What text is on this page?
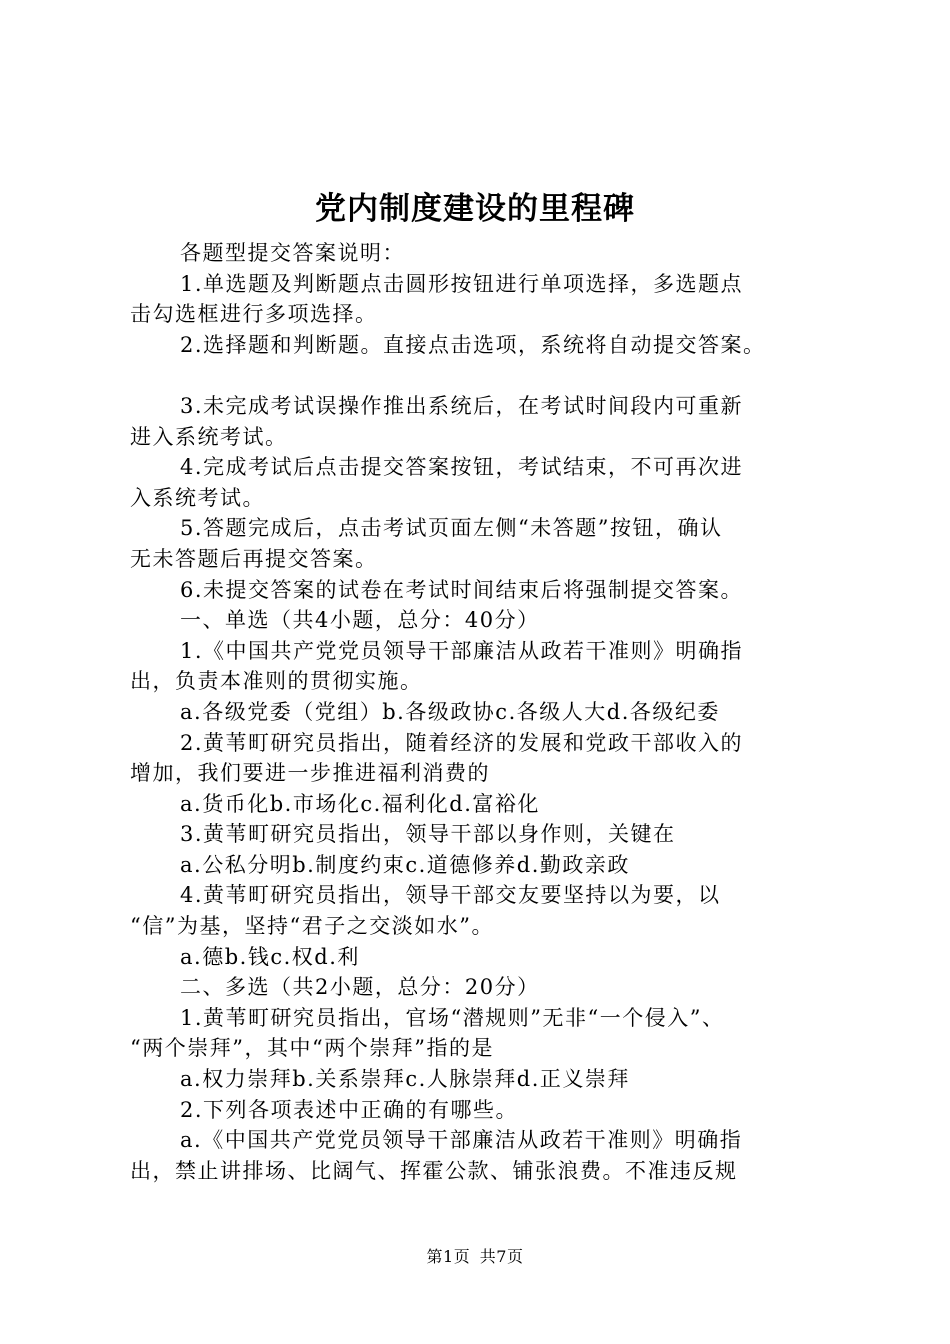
党内制度建设的里程碑
各题型提交答案说明：
1.单选题及判断题点击圆形按钮进行单项选择，多选题点
击勾选框进行多项选择。
2.选择题和判断题。直接点击选项，系统将自动提交答案。
3.未完成考试误操作推出系统后，在考试时间段内可重新
进入系统考试。
4.完成考试后点击提交答案按钮，考试结束，不可再次进
入系统考试。
5.答题完成后，点击考试页面左侧“未答题”按钮，确认
无未答题后再提交答案。
6.未提交答案的试卷在考试时间结束后将强制提交答案。
一、单选（共4小题，总分：40分）
1.《中国共产党党员领导干部廉洁从政若干准则》明确指
出，负责本准则的贯彻实施。
a.各级党委（党组）b.各级政协c.各级人大d.各级纪委
2.黄苇町研究员指出，随着经济的发展和党政干部收入的
增加，我们要进一步推进福利消费的
a.货币化b.市场化c.福利化d.富裕化
3.黄苇町研究员指出，领导干部以身作则，关键在
a.公私分明b.制度约束c.道德修养d.勤政亲政
4.黄苇町研究员指出，领导干部交友要坚持以为要，以
“信”为基，坚持“君子之交淡如水”。
a.德b.钱c.权d.利
二、多选（共2小题，总分：20分）
1.黄苇町研究员指出，官场“潜规则”无非“一个侵入”、
“两个崇拜”，其中“两个崇拜”指的是
a.权力崇拜b.关系崇拜c.人脉崇拜d.正义崇拜
2.下列各项表述中正确的有哪些。
a.《中国共产党党员领导干部廉洁从政若干准则》明确指
出，禁止讲排场、比阔气、挥霍公款、铺张浪费。不准违反规
第1页 共7页
